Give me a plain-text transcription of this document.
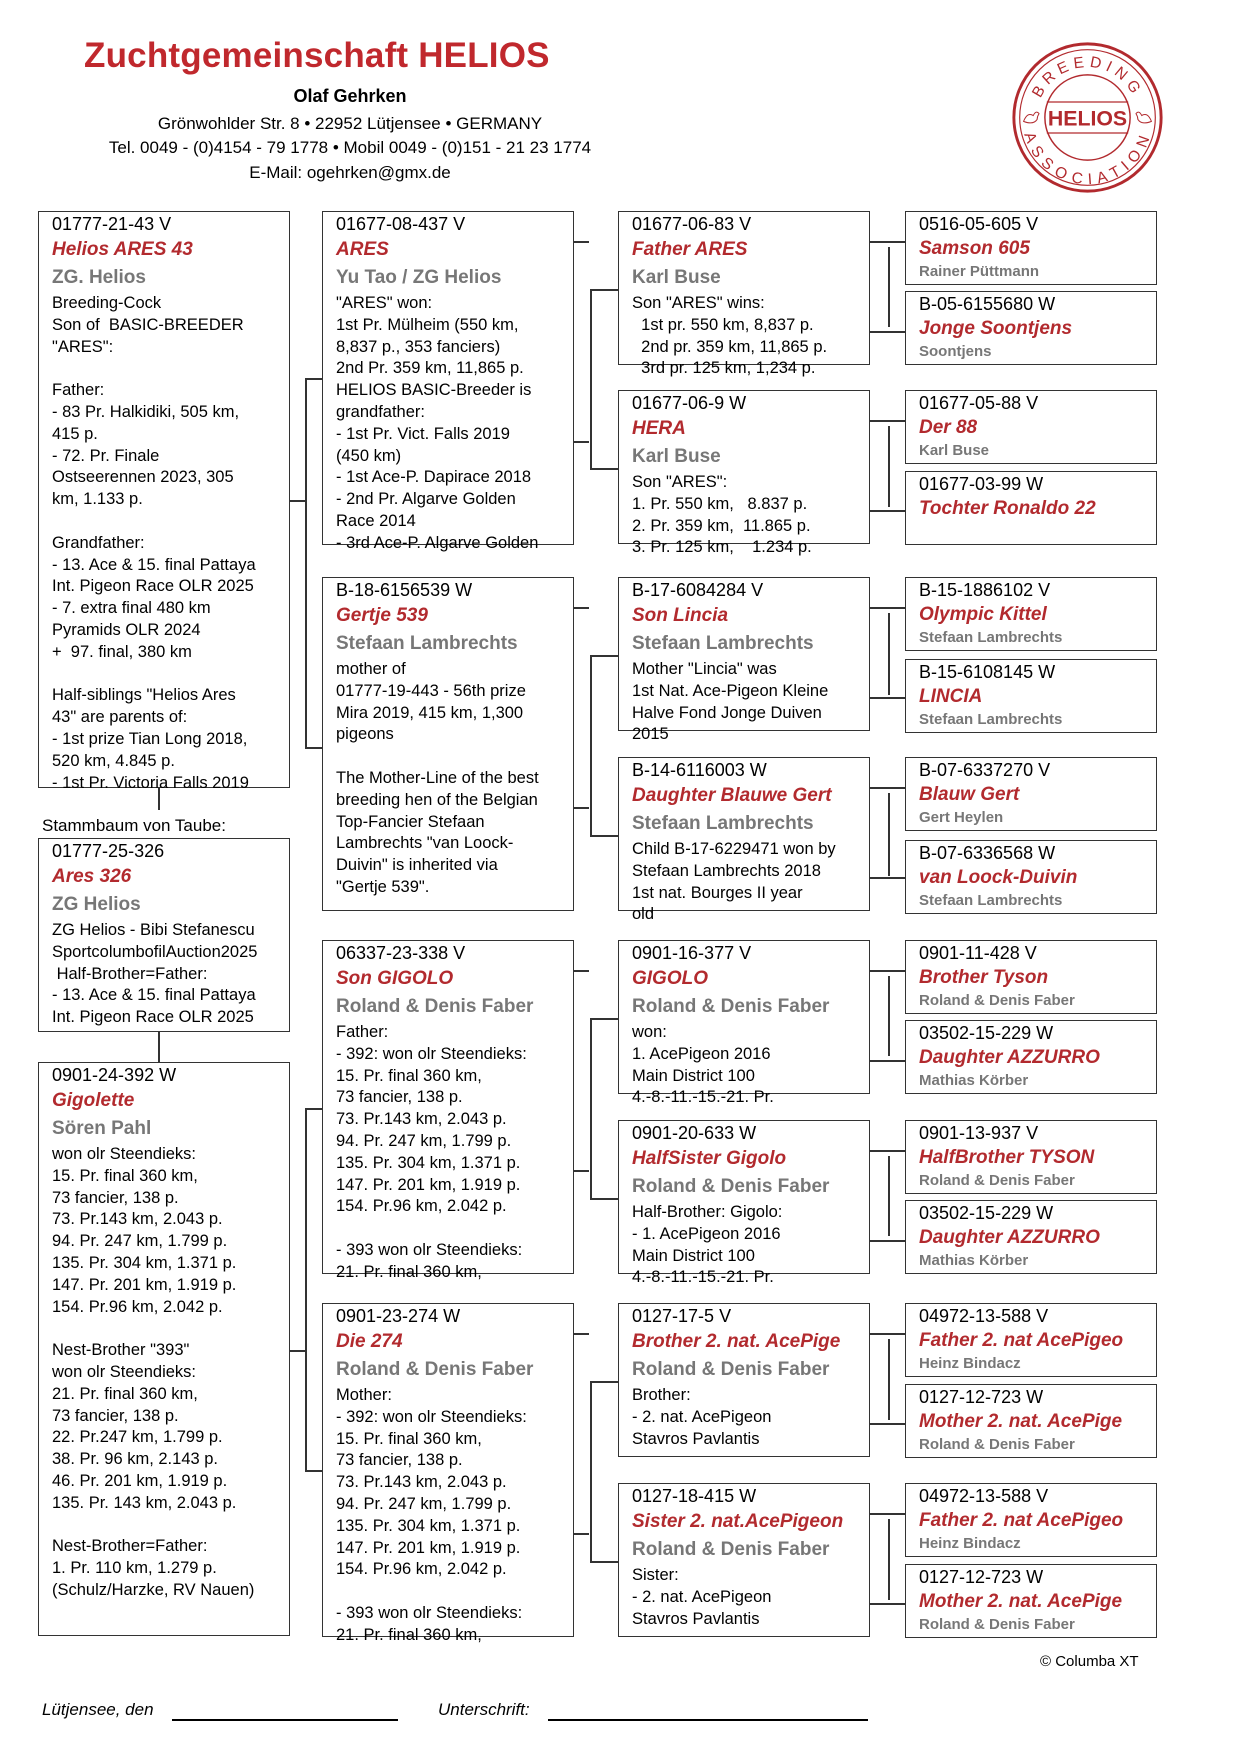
Zuchtgemeinschaft HELIOS
Olaf Gehrken
Grönwohlder Str. 8 • 22952 Lütjensee • GERMANY
Tel. 0049 - (0)4154 - 79 1778 • Mobil 0049 - (0)151 - 21 23 1774
E-Mail: ogehrken@gmx.de
BREEDING
ASSOCIATION
HELIOS
01777-21-43 V
Helios ARES 43
ZG. Helios
Breeding-Cock
Son of  BASIC-BREEDER
"ARES":

Father:
- 83 Pr. Halkidiki, 505 km,
415 p.
- 72. Pr. Finale
Ostseerennen 2023, 305
km, 1.133 p.

Grandfather:
- 13. Ace & 15. final Pattaya
Int. Pigeon Race OLR 2025
- 7. extra final 480 km
Pyramids OLR 2024
+  97. final, 380 km

Half-siblings "Helios Ares
43" are parents of:
- 1st prize Tian Long 2018,
520 km, 4.845 p.
- 1st Pr. Victoria Falls 2019
Stammbaum von Taube:
01777-25-326
Ares 326
ZG Helios
ZG Helios - Bibi Stefanescu
SportcolumbofilAuction2025
Half-Brother=Father:
- 13. Ace & 15. final Pattaya
Int. Pigeon Race OLR 2025
0901-24-392 W
Gigolette
Sören Pahl
won olr Steendieks:
15. Pr. final 360 km,
73 fancier, 138 p.
73. Pr.143 km, 2.043 p.
94. Pr. 247 km, 1.799 p.
135. Pr. 304 km, 1.371 p.
147. Pr. 201 km, 1.919 p.
154. Pr.96 km, 2.042 p.

Nest-Brother "393"
won olr Steendieks:
21. Pr. final 360 km,
73 fancier, 138 p.
22. Pr.247 km, 1.799 p.
38. Pr. 96 km, 2.143 p.
46. Pr. 201 km, 1.919 p.
135. Pr. 143 km, 2.043 p.

Nest-Brother=Father:
1. Pr. 110 km, 1.279 p.
(Schulz/Harzke, RV Nauen)
01677-08-437 V
ARES
Yu Tao / ZG Helios
"ARES" won:
1st Pr. Mülheim (550 km,
8,837 p., 353 fanciers)
2nd Pr. 359 km, 11,865 p.
HELIOS BASIC-Breeder is
grandfather:
- 1st Pr. Vict. Falls 2019
(450 km)
- 1st Ace-P. Dapirace 2018
- 2nd Pr. Algarve Golden
Race 2014
- 3rd Ace-P. Algarve Golden
B-18-6156539 W
Gertje 539
Stefaan Lambrechts
mother of
01777-19-443 - 56th prize
Mira 2019, 415 km, 1,300
pigeons

The Mother-Line of the best
breeding hen of the Belgian
Top-Fancier Stefaan
Lambrechts "van Loock-
Duivin" is inherited via
"Gertje 539".
06337-23-338 V
Son GIGOLO
Roland & Denis Faber
Father:
- 392: won olr Steendieks:
15. Pr. final 360 km,
73 fancier, 138 p.
73. Pr.143 km, 2.043 p.
94. Pr. 247 km, 1.799 p.
135. Pr. 304 km, 1.371 p.
147. Pr. 201 km, 1.919 p.
154. Pr.96 km, 2.042 p.

- 393 won olr Steendieks:
21. Pr. final 360 km,
0901-23-274 W
Die 274
Roland & Denis Faber
Mother:
- 392: won olr Steendieks:
15. Pr. final 360 km,
73 fancier, 138 p.
73. Pr.143 km, 2.043 p.
94. Pr. 247 km, 1.799 p.
135. Pr. 304 km, 1.371 p.
147. Pr. 201 km, 1.919 p.
154. Pr.96 km, 2.042 p.

- 393 won olr Steendieks:
21. Pr. final 360 km,
01677-06-83 V
Father ARES
Karl Buse
Son "ARES" wins:
1st pr. 550 km, 8,837 p.
2nd pr. 359 km, 11,865 p.
3rd pr. 125 km, 1,234 p.
01677-06-9 W
HERA
Karl Buse
Son "ARES":
1. Pr. 550 km,   8.837 p.
2. Pr. 359 km,  11.865 p.
3. Pr. 125 km,    1.234 p.
B-17-6084284 V
Son Lincia
Stefaan Lambrechts
Mother "Lincia" was
1st Nat. Ace-Pigeon Kleine
Halve Fond Jonge Duiven
2015
B-14-6116003 W
Daughter Blauwe Gert
Stefaan Lambrechts
Child B-17-6229471 won by
Stefaan Lambrechts 2018
1st nat. Bourges II year
old
0901-16-377 V
GIGOLO
Roland & Denis Faber
won:
1. AcePigeon 2016
Main District 100
4.-8.-11.-15.-21. Pr.
0901-20-633 W
HalfSister Gigolo
Roland & Denis Faber
Half-Brother: Gigolo:
- 1. AcePigeon 2016
Main District 100
4.-8.-11.-15.-21. Pr.
0127-17-5 V
Brother 2. nat. AcePige
Roland & Denis Faber
Brother:
- 2. nat. AcePigeon
Stavros Pavlantis
0127-18-415 W
Sister 2. nat.AcePigeon
Roland & Denis Faber
Sister:
- 2. nat. AcePigeon
Stavros Pavlantis
0516-05-605 V
Samson 605
Rainer Püttmann
B-05-6155680 W
Jonge Soontjens
Soontjens
01677-05-88 V
Der 88
Karl Buse
01677-03-99 W
Tochter Ronaldo 22
B-15-1886102 V
Olympic Kittel
Stefaan Lambrechts
B-15-6108145 W
LINCIA
Stefaan Lambrechts
B-07-6337270 V
Blauw Gert
Gert Heylen
B-07-6336568 W
van Loock-Duivin
Stefaan Lambrechts
0901-11-428 V
Brother Tyson
Roland & Denis Faber
03502-15-229 W
Daughter AZZURRO
Mathias Körber
0901-13-937 V
HalfBrother TYSON
Roland & Denis Faber
03502-15-229 W
Daughter AZZURRO
Mathias Körber
04972-13-588 V
Father 2. nat AcePigeo
Heinz Bindacz
0127-12-723 W
Mother 2. nat. AcePige
Roland & Denis Faber
04972-13-588 V
Father 2. nat AcePigeo
Heinz Bindacz
0127-12-723 W
Mother 2. nat. AcePige
Roland & Denis Faber
© Columba XT
Lütjensee, den	Unterschrift:
